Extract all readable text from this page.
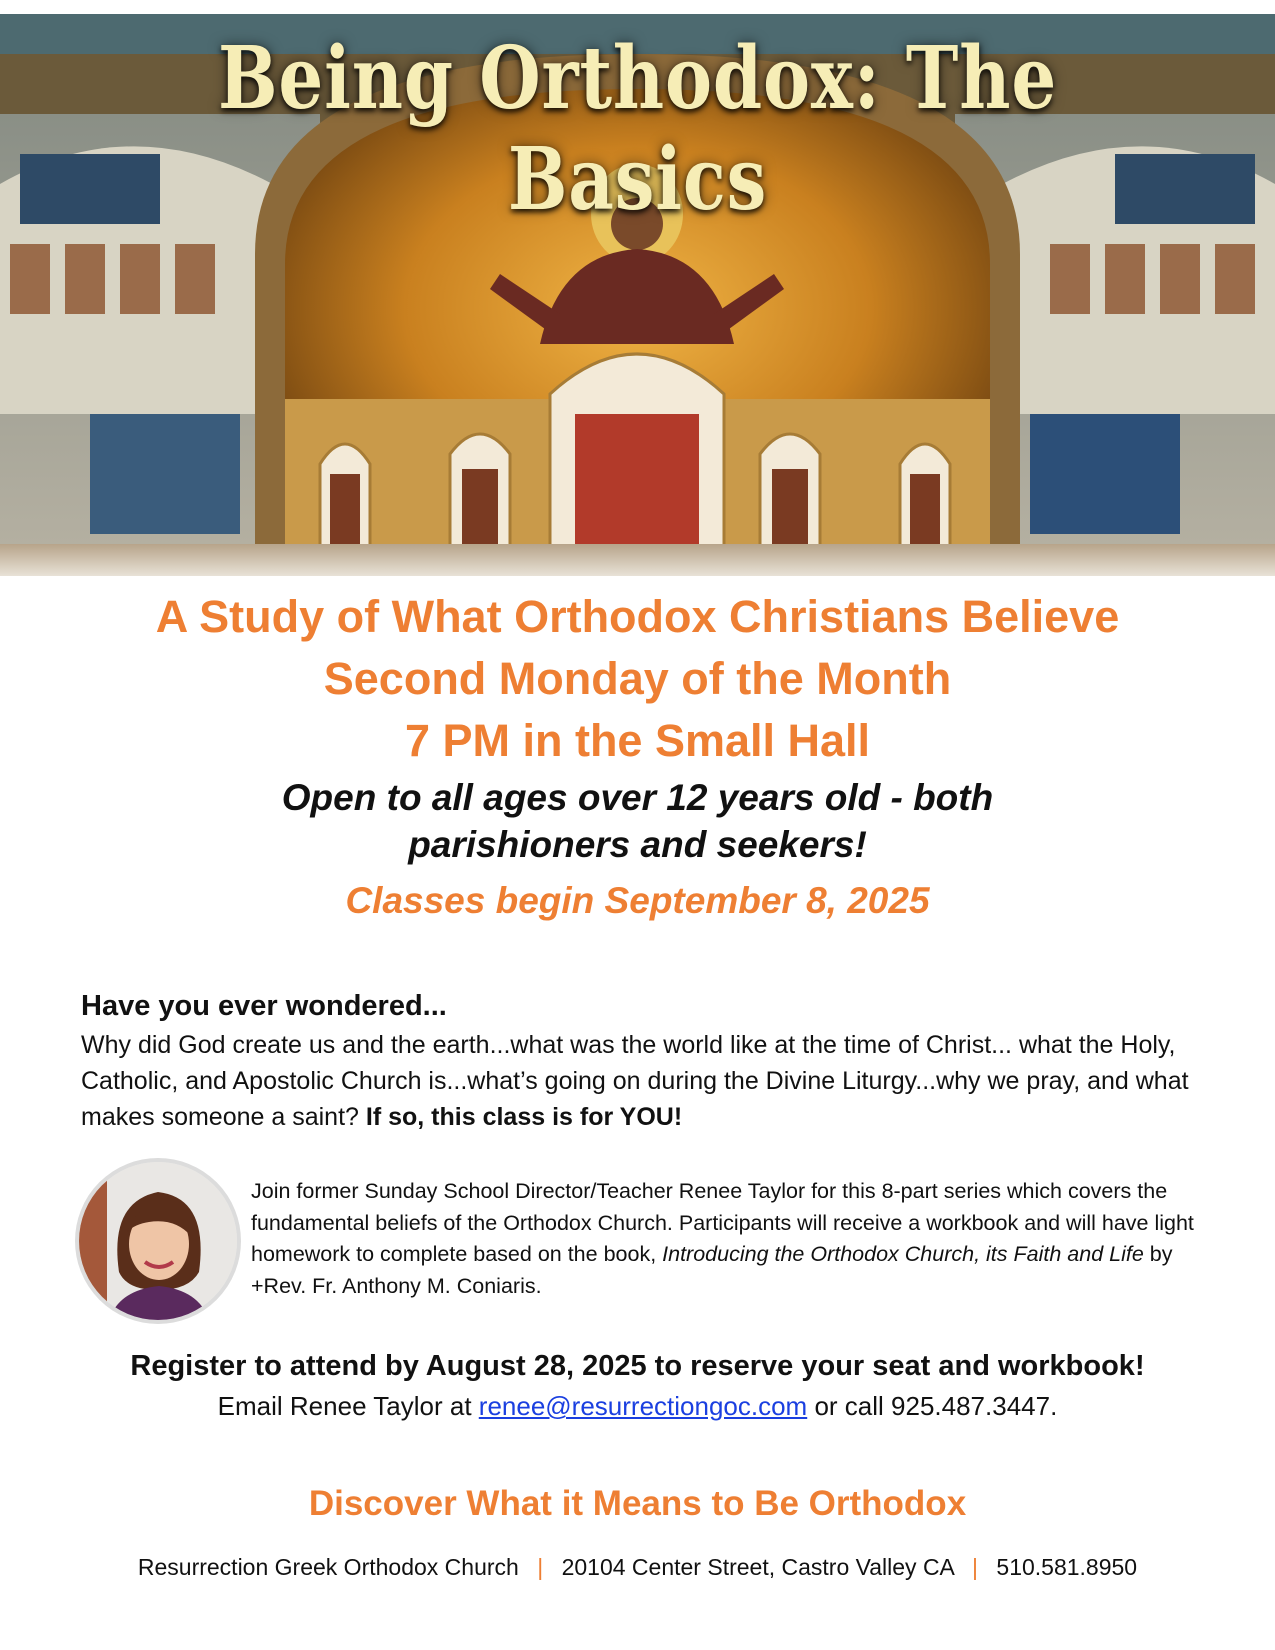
Being Orthodox: The Basics
A Study of What Orthodox Christians Believe
Second Monday of the Month
7 PM in the Small Hall
Open to all ages over 12 years old - both
parishioners and seekers!
Classes begin September 8, 2025
Have you ever wondered...
Why did God create us and the earth...what was the world like at the time of Christ... what the Holy, Catholic, and Apostolic Church is...what’s going on during the Divine Liturgy...why we pray, and what makes someone a saint? If so, this class is for YOU!
Join former Sunday School Director/Teacher Renee Taylor for this 8-part series which covers the fundamental beliefs of the Orthodox Church. Participants will receive a workbook and will have light homework to complete based on the book, Introducing the Orthodox Church, its Faith and Life by +Rev. Fr. Anthony M. Coniaris.
Register to attend by August 28, 2025 to reserve your seat and workbook!
Email Renee Taylor at renee@resurrectiongoc.com or call 925.487.3447.
Discover What it Means to Be Orthodox
Resurrection Greek Orthodox Church | 20104 Center Street, Castro Valley CA | 510.581.8950
